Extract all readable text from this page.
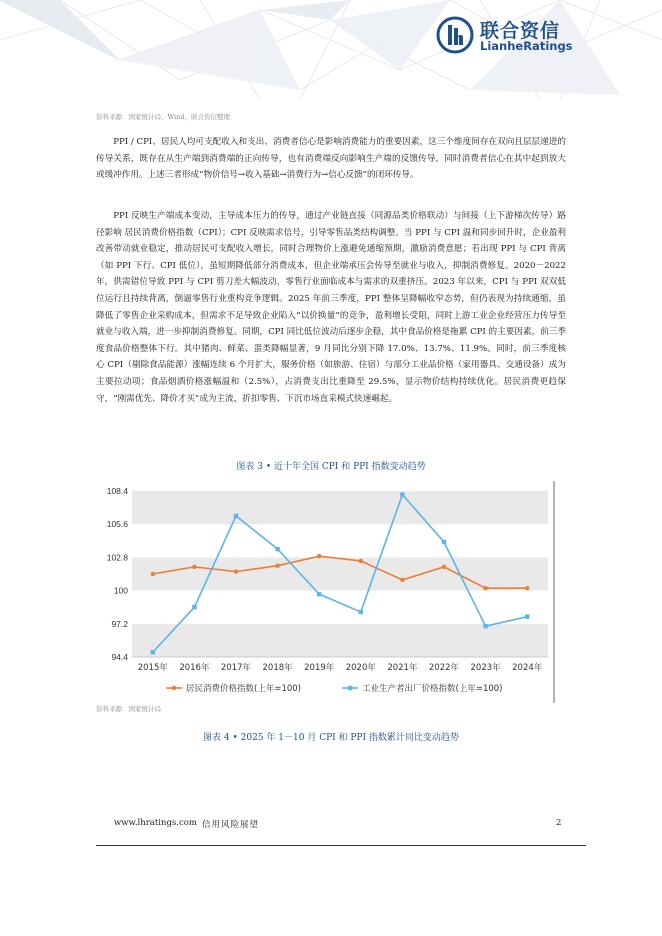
联合资信
LianheRatings
资料来源：国家统计局、Wind，联合资信整理

PPI / CPI、居民人均可支配收入和支出、消费者信心是影响消费能力的重要因素，这三个维度间存在双向且层层递进的传导关系，既存在从生产端到消费端的正向传导，也有消费端反向影响生产端的反馈传导，同时消费者信心在其中起到放大或缓冲作用。上述三者形成“物价信号→收入基础→消费行为→信心反馈”的闭环传导。

PPI 反映生产端成本变动，主导成本压力的传导，通过产业链直接（同源品类价格联动）与间接（上下游梯次传导）路径影响 居民消费价格指数（CPI）；CPI 反映需求信号，引导零售品类结构调整。当 PPI 与 CPI 温和同步回升时，企业盈利改善带动就业稳定，推动居民可支配收入增长，同时合理物价上涨避免通缩预期，激励消费意愿；若出现 PPI 与 CPI 背离（如 PPI 下行、CPI 低位），虽短期降低部分消费成本，但企业端承压会传导至就业与收入，抑制消费修复。2020－2022 年，供需错位导致 PPI 与 CPI 剪刀差大幅波动，零售行业面临成本与需求的双重挤压。2023 年以来，CPI 与 PPI 双双低位运行且持续背离，倒逼零售行业重构竞争逻辑。2025 年前三季度，PPI 整体呈降幅收窄态势，但仍表现为持续通缩，虽降低了零售企业采购成本，但需求不足导致企业陷入“以价换量”的竞争，盈利增长受阻，同时上游工业企业经营压力传导至就业与收入端，进一步抑制消费修复。同期，CPI 同比低位波动后逐步企稳，其中食品价格是拖累 CPI 的主要因素，前三季度食品价格整体下行。其中猪肉、鲜菜、蛋类降幅显著，9 月同比分别下降 17.0%、13.7%、11.9%。同时，前三季度核心 CPI（剔除食品能源）涨幅连续 6 个月扩大，服务价格（如旅游、住宿）与部分工业品价格（家用器具、交通设备）成为主要拉动项；食品烟酒价格涨幅温和（2.5%），占消费支出比重降至 29.5%，显示物价结构持续优化。居民消费更趋保守，“刚需优先、降价才买”成为主流，折扣零售、下沉市场直采模式快速崛起。

图表 3 • 近十年全国 CPI 和 PPI 指数变动趋势
94.4
97.2
100
102.8
105.6
108.4
2015年 2016年 2017年 2018年 2019年 2020年 2021年 2022年 2023年 2024年
居民消费价格指数(上年=100)	工业生产者出厂价格指数(上年=100)
资料来源：国家统计局
图表 4 • 2025 年 1－10 月 CPI 和 PPI 指数累计同比变动趋势
www.lhratings.com 信用风险展望	2
